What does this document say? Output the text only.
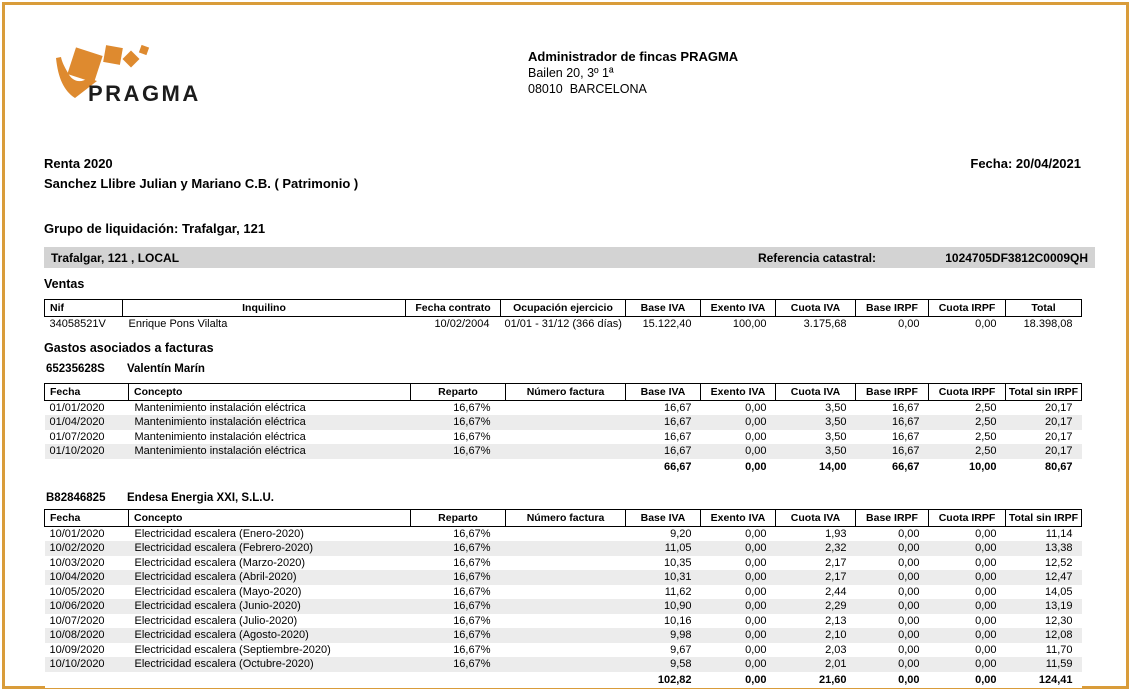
PRAGMA
Administrador de fincas PRAGMA
Bailen 20, 3º 1ª
08010  BARCELONA
Renta 2020	Fecha: 20/04/2021
Sanchez Llibre Julian y Mariano C.B. ( Patrimonio )
Grupo de liquidación: Trafalgar, 121
Trafalgar, 121 , LOCAL	Referencia catastral:	1024705DF3812C0009QH
Ventas
Nif	Inquilino	Fecha contrato	Ocupación ejercicio	Base IVA	Exento IVA	Cuota IVA	Base IRPF	Cuota IRPF	Total
34058521V	Enrique Pons Vilalta	10/02/2004	01/01 - 31/12 (366 días)	15.122,40	100,00	3.175,68	0,00	0,00	18.398,08
Gastos asociados a facturas
65235628S	Valentín Marín
Fecha	Concepto	Reparto	Número factura	Base IVA	Exento IVA	Cuota IVA	Base IRPF	Cuota IRPF	Total sin IRPF
01/01/2020	Mantenimiento instalación eléctrica	16,67%		16,67	0,00	3,50	16,67	2,50	20,17
01/04/2020	Mantenimiento instalación eléctrica	16,67%		16,67	0,00	3,50	16,67	2,50	20,17
01/07/2020	Mantenimiento instalación eléctrica	16,67%		16,67	0,00	3,50	16,67	2,50	20,17
01/10/2020	Mantenimiento instalación eléctrica	16,67%		16,67	0,00	3,50	16,67	2,50	20,17
				66,67	0,00	14,00	66,67	10,00	80,67
B82846825	Endesa Energia XXI, S.L.U.
Fecha	Concepto	Reparto	Número factura	Base IVA	Exento IVA	Cuota IVA	Base IRPF	Cuota IRPF	Total sin IRPF
10/01/2020	Electricidad escalera (Enero-2020)	16,67%		9,20	0,00	1,93	0,00	0,00	11,14
10/02/2020	Electricidad escalera (Febrero-2020)	16,67%		11,05	0,00	2,32	0,00	0,00	13,38
10/03/2020	Electricidad escalera (Marzo-2020)	16,67%		10,35	0,00	2,17	0,00	0,00	12,52
10/04/2020	Electricidad escalera (Abril-2020)	16,67%		10,31	0,00	2,17	0,00	0,00	12,47
10/05/2020	Electricidad escalera (Mayo-2020)	16,67%		11,62	0,00	2,44	0,00	0,00	14,05
10/06/2020	Electricidad escalera (Junio-2020)	16,67%		10,90	0,00	2,29	0,00	0,00	13,19
10/07/2020	Electricidad escalera (Julio-2020)	16,67%		10,16	0,00	2,13	0,00	0,00	12,30
10/08/2020	Electricidad escalera (Agosto-2020)	16,67%		9,98	0,00	2,10	0,00	0,00	12,08
10/09/2020	Electricidad escalera (Septiembre-2020)	16,67%		9,67	0,00	2,03	0,00	0,00	11,70
10/10/2020	Electricidad escalera (Octubre-2020)	16,67%		9,58	0,00	2,01	0,00	0,00	11,59
				102,82	0,00	21,60	0,00	0,00	124,41
